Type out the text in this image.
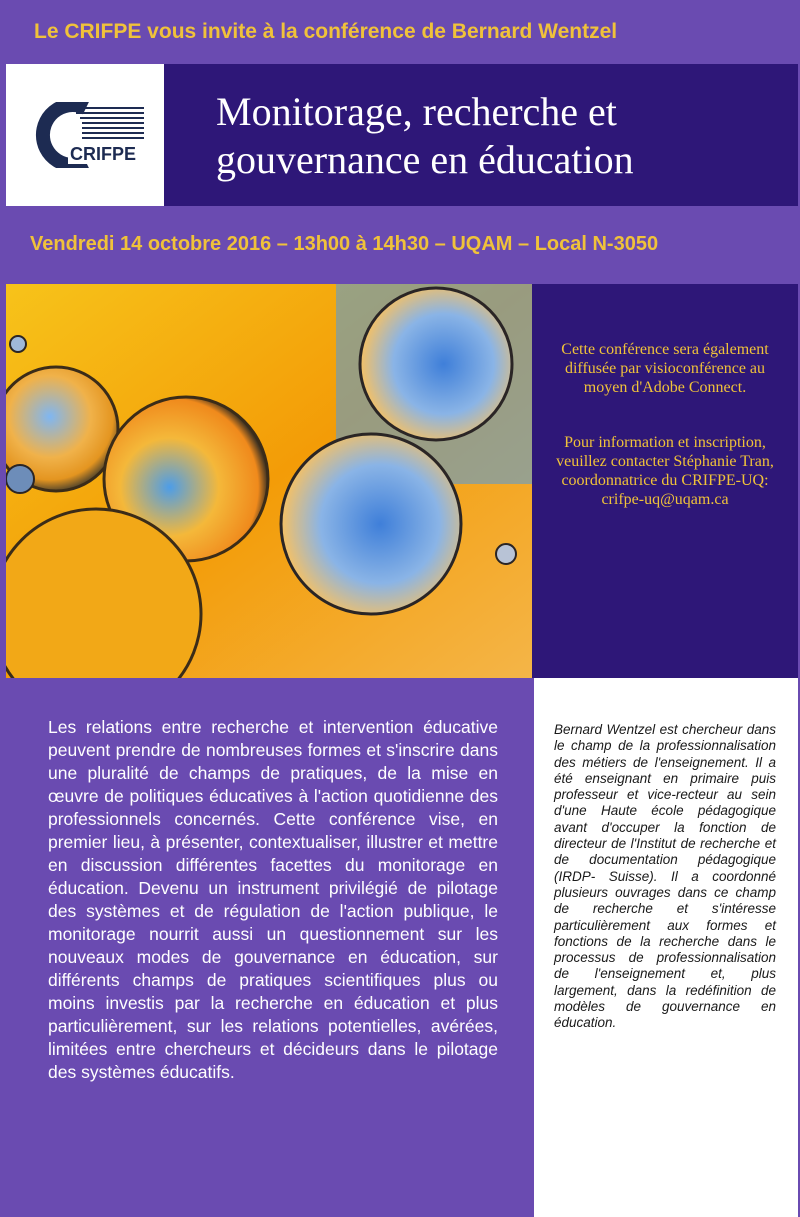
Le CRIFPE vous invite à la conférence de Bernard Wentzel
CRIFPE
Monitorage, recherche et gouvernance en éducation
Vendredi 14 octobre 2016 – 13h00 à 14h30 – UQAM – Local N-3050

Cette conférence sera également diffusée par visioconférence au moyen d'Adobe Connect.

Pour information et inscription, veuillez contacter Stéphanie Tran, coordonnatrice du CRIFPE-UQ:
crifpe-uq@uqam.ca

Les relations entre recherche et intervention éducative peuvent prendre de nombreuses formes et s'inscrire dans une pluralité de champs de pratiques, de la mise en œuvre de politiques éducatives à l'action quotidienne des professionnels concernés. Cette conférence vise, en premier lieu, à présenter, contextualiser, illustrer et mettre en discussion différentes facettes du monitorage en éducation. Devenu un instrument privilégié de pilotage des systèmes et de régulation de l'action publique, le monitorage nourrit aussi un questionnement sur les nouveaux modes de gouvernance en éducation, sur différents champs de pratiques scientifiques plus ou moins investis par la recherche en éducation et plus particulièrement, sur les relations potentielles, avérées, limitées entre chercheurs et décideurs dans le pilotage des systèmes éducatifs.
Bernard Wentzel est chercheur dans le champ de la professionnalisation des métiers de l'enseignement. Il a été enseignant en primaire puis professeur et vice-recteur au sein d'une Haute école pédagogique avant d'occuper la fonction de directeur de l'Institut de recherche et de documentation pédagogique (IRDP- Suisse). Il a coordonné plusieurs ouvrages dans ce champ de recherche et s'intéresse particulièrement aux formes et fonctions de la recherche dans le processus de professionnalisation de l'enseignement et, plus largement, dans la redéfinition de modèles de gouvernance en éducation.
